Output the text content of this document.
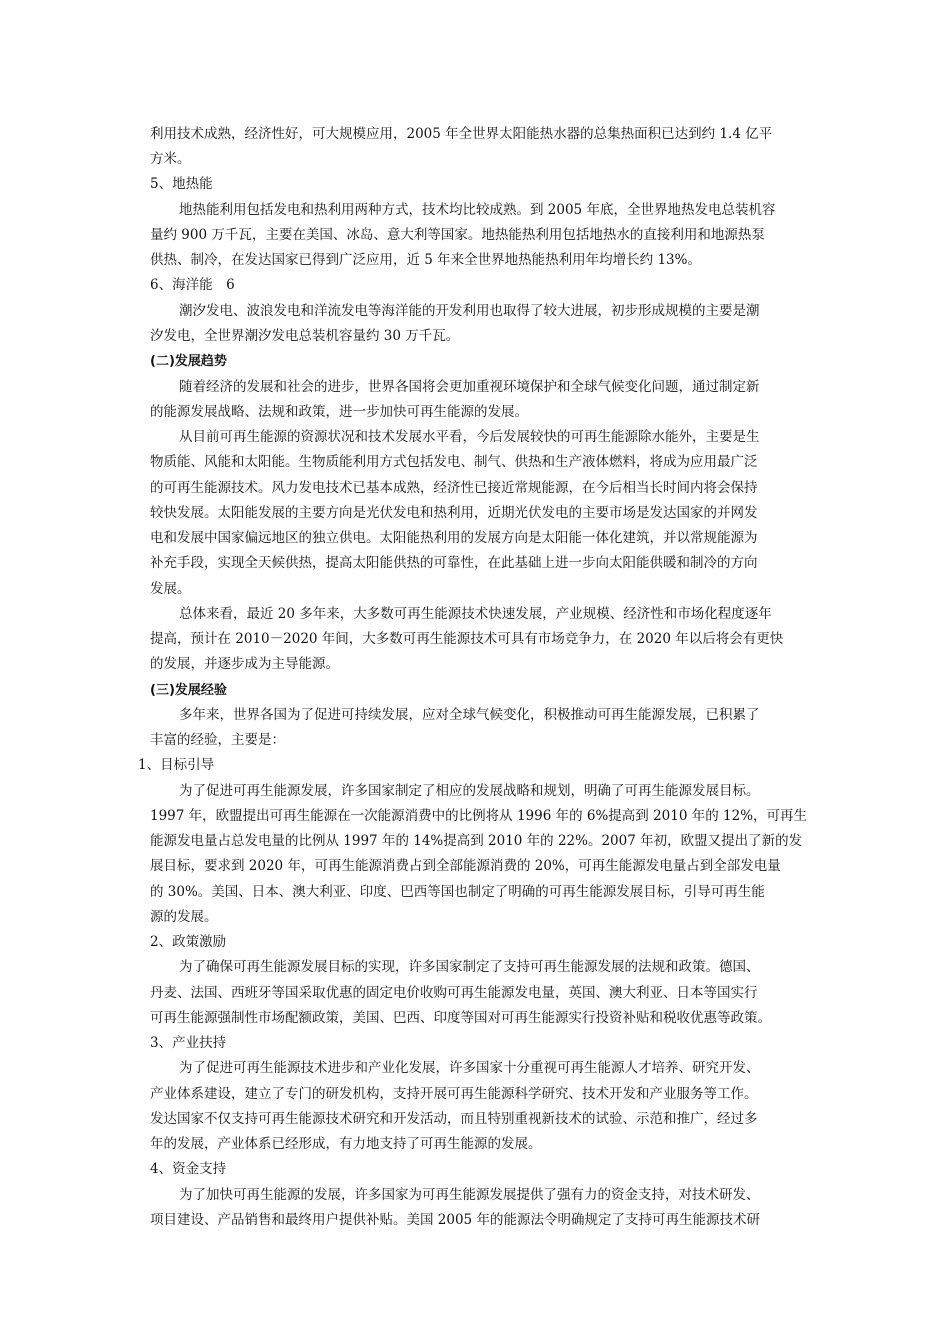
利用技术成熟，经济性好，可大规模应用，2005 年全世界太阳能热水器的总集热面积已达到约 1.4 亿平
方米。
5、地热能
地热能利用包括发电和热利用两种方式，技术均比较成熟。到 2005 年底，全世界地热发电总装机容
量约 900 万千瓦，主要在美国、冰岛、意大利等国家。地热能热利用包括地热水的直接利用和地源热泵
供热、制冷，在发达国家已得到广泛应用，近 5 年来全世界地热能热利用年均增长约 13%。
6、海洋能　6
潮汐发电、波浪发电和洋流发电等海洋能的开发利用也取得了较大进展，初步形成规模的主要是潮
汐发电，全世界潮汐发电总装机容量约 30 万千瓦。
(二)发展趋势
随着经济的发展和社会的进步，世界各国将会更加重视环境保护和全球气候变化问题，通过制定新
的能源发展战略、法规和政策，进一步加快可再生能源的发展。
从目前可再生能源的资源状况和技术发展水平看，今后发展较快的可再生能源除水能外，主要是生
物质能、风能和太阳能。生物质能利用方式包括发电、制气、供热和生产液体燃料，将成为应用最广泛
的可再生能源技术。风力发电技术已基本成熟，经济性已接近常规能源，在今后相当长时间内将会保持
较快发展。太阳能发展的主要方向是光伏发电和热利用，近期光伏发电的主要市场是发达国家的并网发
电和发展中国家偏远地区的独立供电。太阳能热利用的发展方向是太阳能一体化建筑，并以常规能源为
补充手段，实现全天候供热，提高太阳能供热的可靠性，在此基础上进一步向太阳能供暖和制冷的方向
发展。
总体来看，最近 20 多年来，大多数可再生能源技术快速发展，产业规模、经济性和市场化程度逐年
提高，预计在 2010－2020 年间，大多数可再生能源技术可具有市场竞争力，在 2020 年以后将会有更快
的发展，并逐步成为主导能源。
(三)发展经验
多年来，世界各国为了促进可持续发展，应对全球气候变化，积极推动可再生能源发展，已积累了
丰富的经验，主要是：
1、目标引导
为了促进可再生能源发展，许多国家制定了相应的发展战略和规划，明确了可再生能源发展目标。
1997 年，欧盟提出可再生能源在一次能源消费中的比例将从 1996 年的 6%提高到 2010 年的 12%，可再生
能源发电量占总发电量的比例从 1997 年的 14%提高到 2010 年的 22%。2007 年初，欧盟又提出了新的发
展目标，要求到 2020 年，可再生能源消费占到全部能源消费的 20%，可再生能源发电量占到全部发电量
的 30%。美国、日本、澳大利亚、印度、巴西等国也制定了明确的可再生能源发展目标，引导可再生能
源的发展。
2、政策激励
为了确保可再生能源发展目标的实现，许多国家制定了支持可再生能源发展的法规和政策。德国、
丹麦、法国、西班牙等国采取优惠的固定电价收购可再生能源发电量，英国、澳大利亚、日本等国实行
可再生能源强制性市场配额政策，美国、巴西、印度等国对可再生能源实行投资补贴和税收优惠等政策。
3、产业扶持
为了促进可再生能源技术进步和产业化发展，许多国家十分重视可再生能源人才培养、研究开发、
产业体系建设，建立了专门的研发机构，支持开展可再生能源科学研究、技术开发和产业服务等工作。
发达国家不仅支持可再生能源技术研究和开发活动，而且特别重视新技术的试验、示范和推广，经过多
年的发展，产业体系已经形成，有力地支持了可再生能源的发展。
4、资金支持
为了加快可再生能源的发展，许多国家为可再生能源发展提供了强有力的资金支持，对技术研发、
项目建设、产品销售和最终用户提供补贴。美国 2005 年的能源法令明确规定了支持可再生能源技术研
